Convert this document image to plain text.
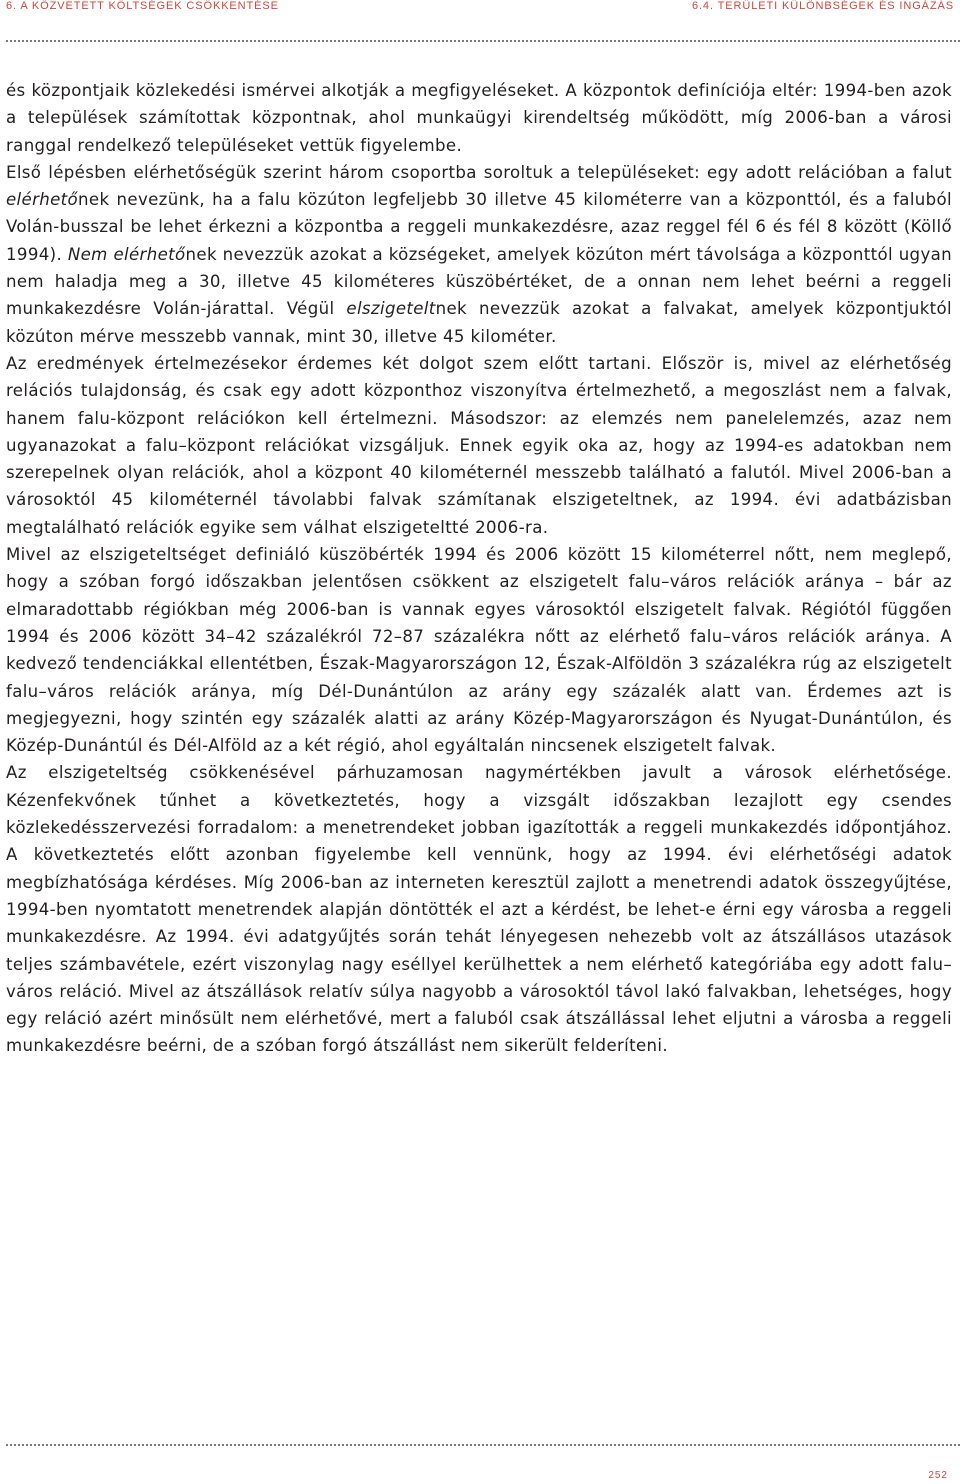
6. A KÖZVETETT KÖLTSÉGEK CSÖKKENTÉSE	6.4. TERÜLETI KÜLÖNBSÉGEK ÉS INGÁZÁS

és központjaik közlekedési ismérvei alkotják a megfigyeléseket. A központok definíciója eltér: 1994-ben azok a települések számítottak központnak, ahol munkaügyi kirendeltség működött, míg 2006-ban a városi ranggal rendelkező településeket vettük figyelembe.

Első lépésben elérhetőségük szerint három csoportba soroltuk a településeket: egy adott relációban a falut elérhetőnek nevezünk, ha a falu közúton legfeljebb 30 illetve 45 kilométerre van a központtól, és a faluból Volán-busszal be lehet érkezni a központba a reggeli munkakezdésre, azaz reggel fél 6 és fél 8 között (Köllő 1994). Nem elérhetőnek nevezzük azokat a községeket, amelyek közúton mért távolsága a központtól ugyan nem haladja meg a 30, illetve 45 kilométeres küszöbértéket, de a onnan nem lehet beérni a reggeli munkakezdésre Volán-járattal. Végül elszigeteltnek nevezzük azokat a falvakat, amelyek központjuktól közúton mérve messzebb vannak, mint 30, illetve 45 kilométer.

Az eredmények értelmezésekor érdemes két dolgot szem előtt tartani. Először is, mivel az elérhetőség relációs tulajdonság, és csak egy adott központhoz viszonyítva értelmezhető, a megoszlást nem a falvak, hanem falu-központ relációkon kell értelmezni. Másodszor: az elemzés nem panelelemzés, azaz nem ugyanazokat a falu–központ relációkat vizsgáljuk. Ennek egyik oka az, hogy az 1994-es adatokban nem szerepelnek olyan relációk, ahol a központ 40 kilométernél messzebb található a falutól. Mivel 2006-ban a városoktól 45 kilométernél távolabbi falvak számítanak elszigeteltnek, az 1994. évi adatbázisban megtalálható relációk egyike sem válhat elszigeteltté 2006-ra.

Mivel az elszigeteltséget definiáló küszöbérték 1994 és 2006 között 15 kilométerrel nőtt, nem meglepő, hogy a szóban forgó időszakban jelentősen csökkent az elszigetelt falu–város relációk aránya – bár az elmaradottabb régiókban még 2006-ban is vannak egyes városoktól elszigetelt falvak. Régiótól függően 1994 és 2006 között 34–42 százalékról 72–87 százalékra nőtt az elérhető falu–város relációk aránya. A kedvező tendenciákkal ellentétben, Észak-Magyarországon 12, Észak-Alföldön 3 százalékra rúg az elszigetelt falu–város relációk aránya, míg Dél-Dunántúlon az arány egy százalék alatt van. Érdemes azt is megjegyezni, hogy szintén egy százalék alatti az arány Közép-Magyarországon és Nyugat-Dunántúlon, és Közép-Dunántúl és Dél-Alföld az a két régió, ahol egyáltalán nincsenek elszigetelt falvak.

Az elszigeteltség csökkenésével párhuzamosan nagymértékben javult a városok elérhetősége. Kézenfekvőnek tűnhet a következtetés, hogy a vizsgált időszakban lezajlott egy csendes közlekedésszervezési forradalom: a menetrendeket jobban igazították a reggeli munkakezdés időpontjához. A következtetés előtt azonban figyelembe kell vennünk, hogy az 1994. évi elérhetőségi adatok megbízhatósága kérdéses. Míg 2006-ban az interneten keresztül zajlott a menetrendi adatok összegyűjtése, 1994-ben nyomtatott menetrendek alapján döntötték el azt a kérdést, be lehet-e érni egy városba a reggeli munkakezdésre. Az 1994. évi adatgyűjtés során tehát lényegesen nehezebb volt az átszállásos utazások teljes számbavétele, ezért viszonylag nagy eséllyel kerülhettek a nem elérhető kategóriába egy adott falu–város reláció. Mivel az átszállások relatív súlya nagyobb a városoktól távol lakó falvakban, lehetséges, hogy egy reláció azért minősült nem elérhetővé, mert a faluból csak átszállással lehet eljutni a városba a reggeli munkakezdésre beérni, de a szóban forgó átszállást nem sikerült felderíteni.

252
